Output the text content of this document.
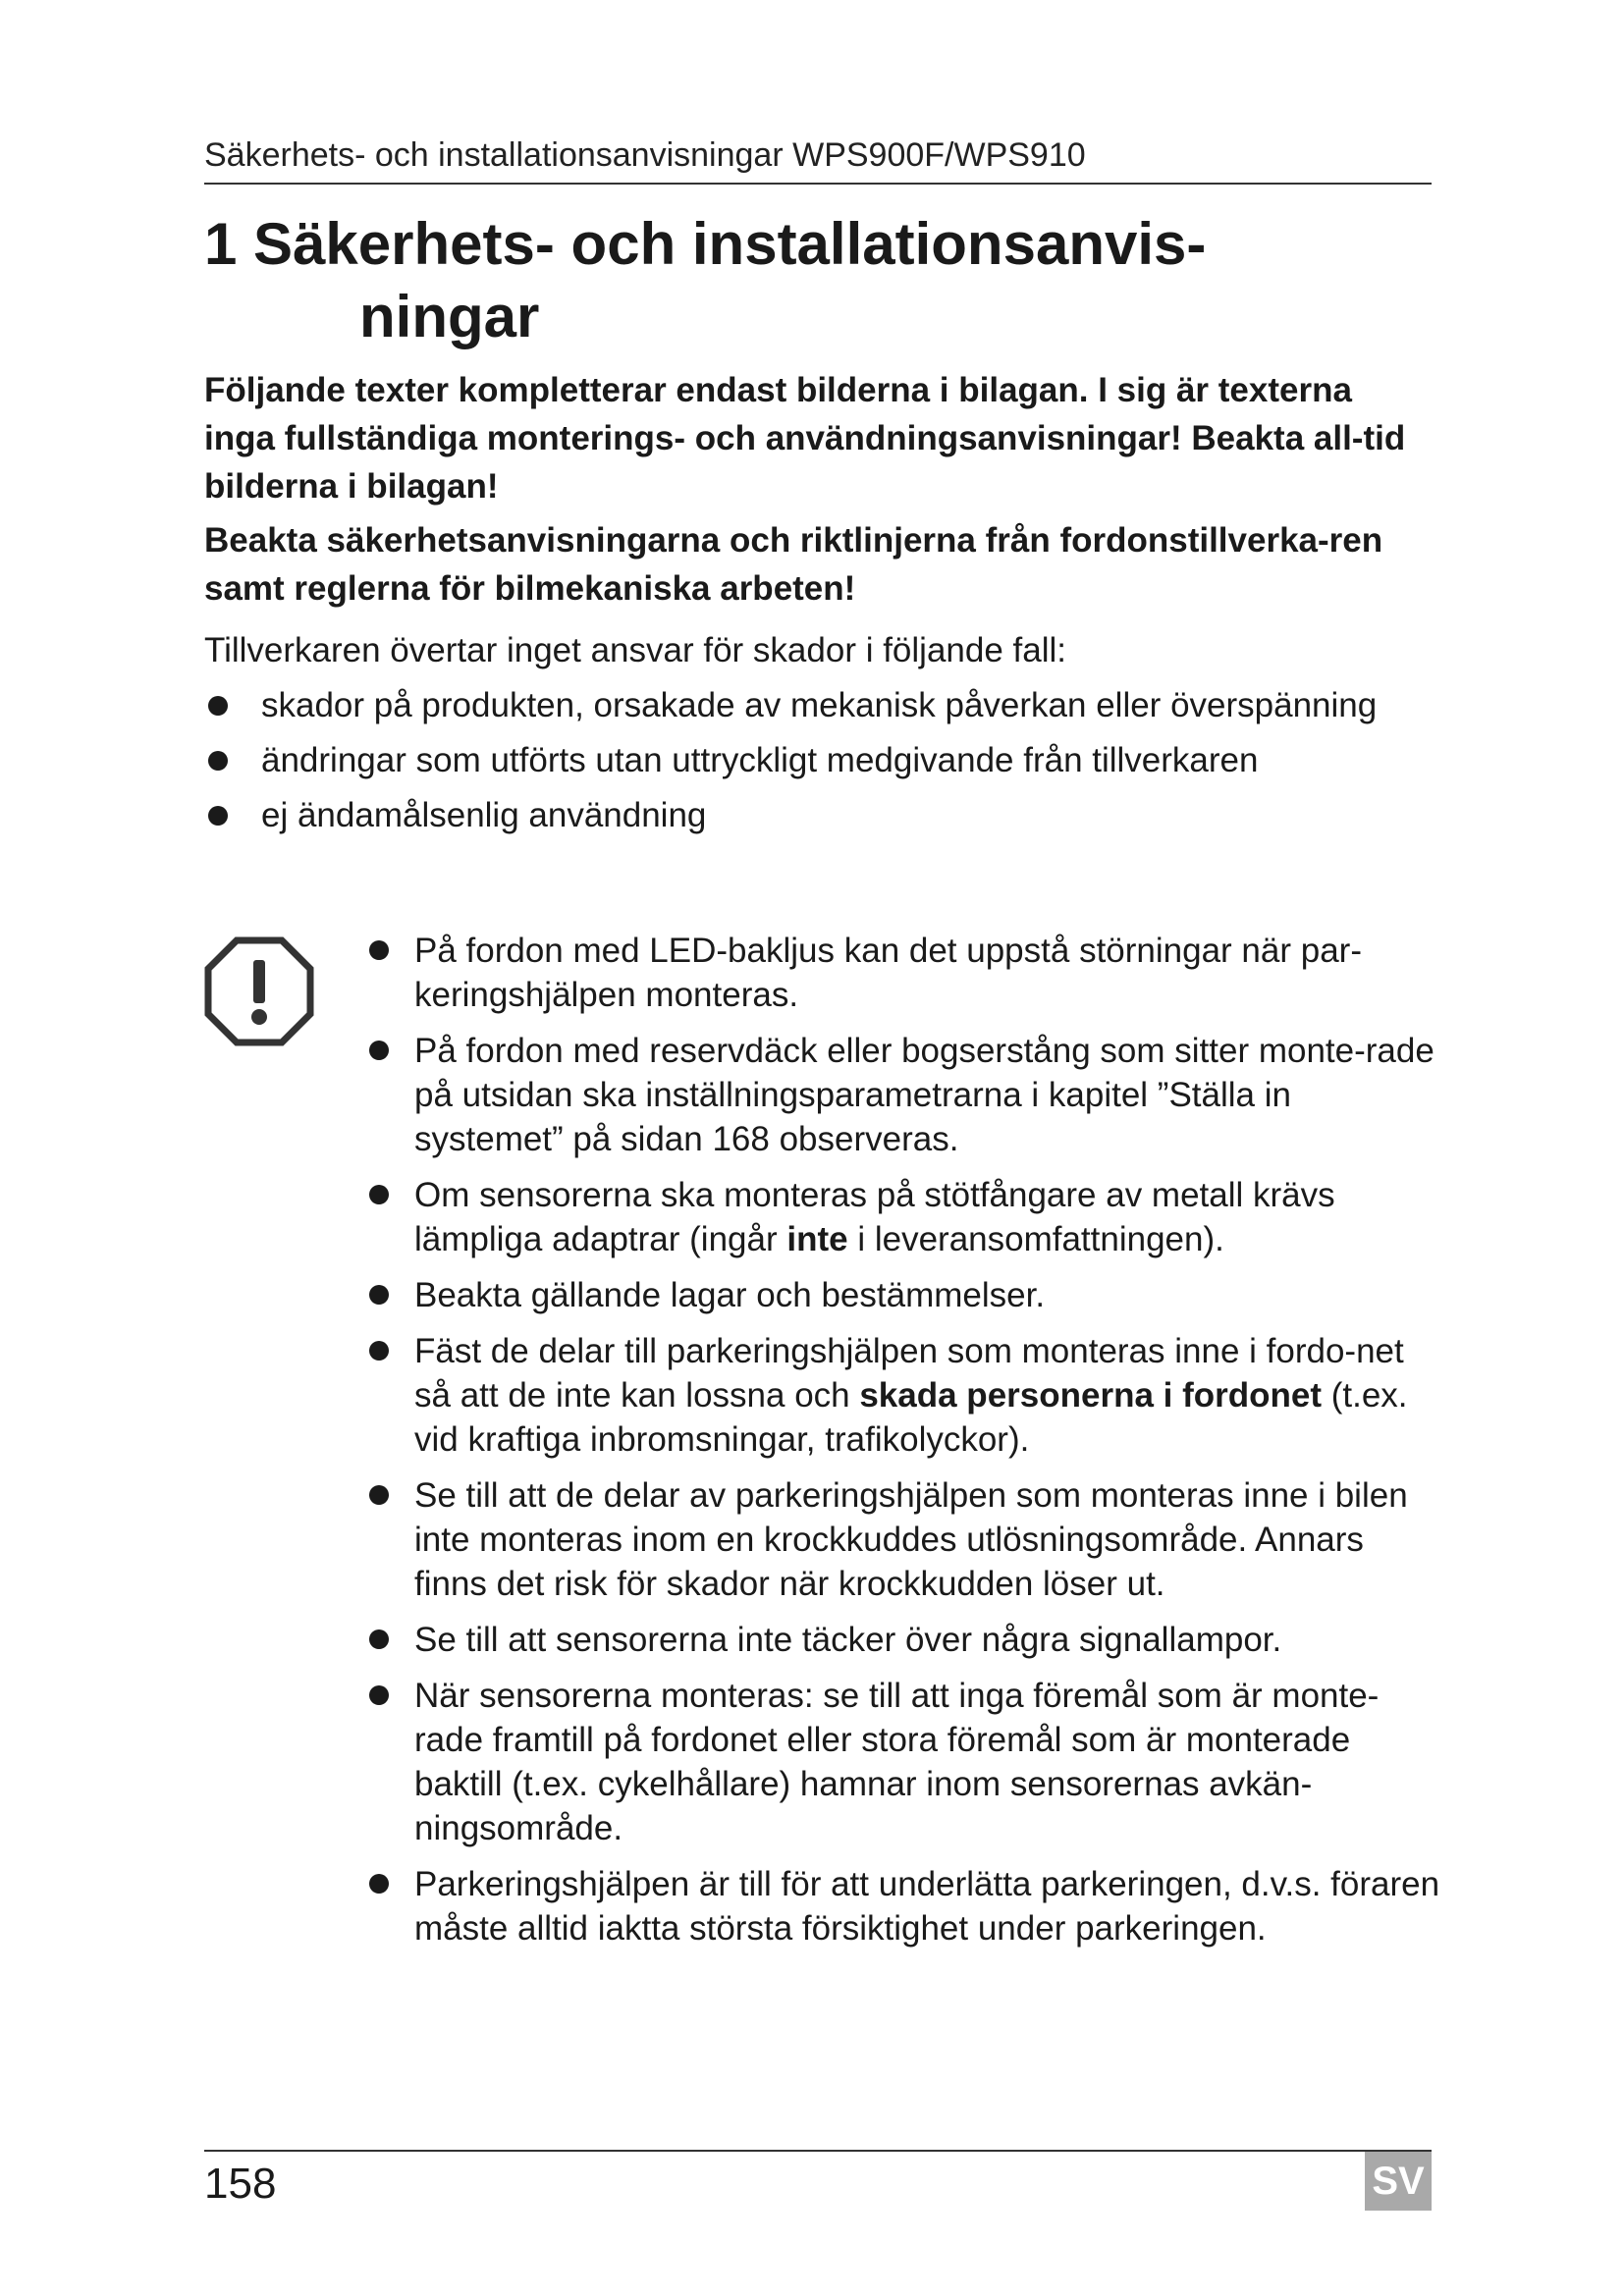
Säkerhets- och installationsanvisningar WPS900F/WPS910
1 Säkerhets- och installationsanvis-
ningar

Följande texter kompletterar endast bilderna i bilagan. I sig är texterna inga fullständiga monterings- och användningsanvisningar! Beakta all-tid bilderna i bilagan!

Beakta säkerhetsanvisningarna och riktlinjerna från fordonstillverka-ren samt reglerna för bilmekaniska arbeten!

Tillverkaren övertar inget ansvar för skador i följande fall:
skador på produkten, orsakade av mekanisk påverkan eller överspänning
ändringar som utförts utan uttryckligt medgivande från tillverkaren
ej ändamålsenlig användning
På fordon med LED-bakljus kan det uppstå störningar när par-keringshjälpen monteras.
På fordon med reservdäck eller bogserstång som sitter monte-rade på utsidan ska inställningsparametrarna i kapitel ”Ställa in systemet” på sidan 168 observeras.
Om sensorerna ska monteras på stötfångare av metall krävs lämpliga adaptrar (ingår inte i leveransomfattningen).
Beakta gällande lagar och bestämmelser.
Fäst de delar till parkeringshjälpen som monteras inne i fordo-net så att de inte kan lossna och skada personerna i fordonet (t.ex. vid kraftiga inbromsningar, trafikolyckor).
Se till att de delar av parkeringshjälpen som monteras inne i bilen inte monteras inom en krockkuddes utlösningsområde. Annars finns det risk för skador när krockkudden löser ut.
Se till att sensorerna inte täcker över några signallampor.
När sensorerna monteras: se till att inga föremål som är monte-rade framtill på fordonet eller stora föremål som är monterade baktill (t.ex. cykelhållare) hamnar inom sensorernas avkän-ningsområde.
Parkeringshjälpen är till för att underlätta parkeringen, d.v.s. föraren måste alltid iaktta största försiktighet under parkeringen.
158	SV
